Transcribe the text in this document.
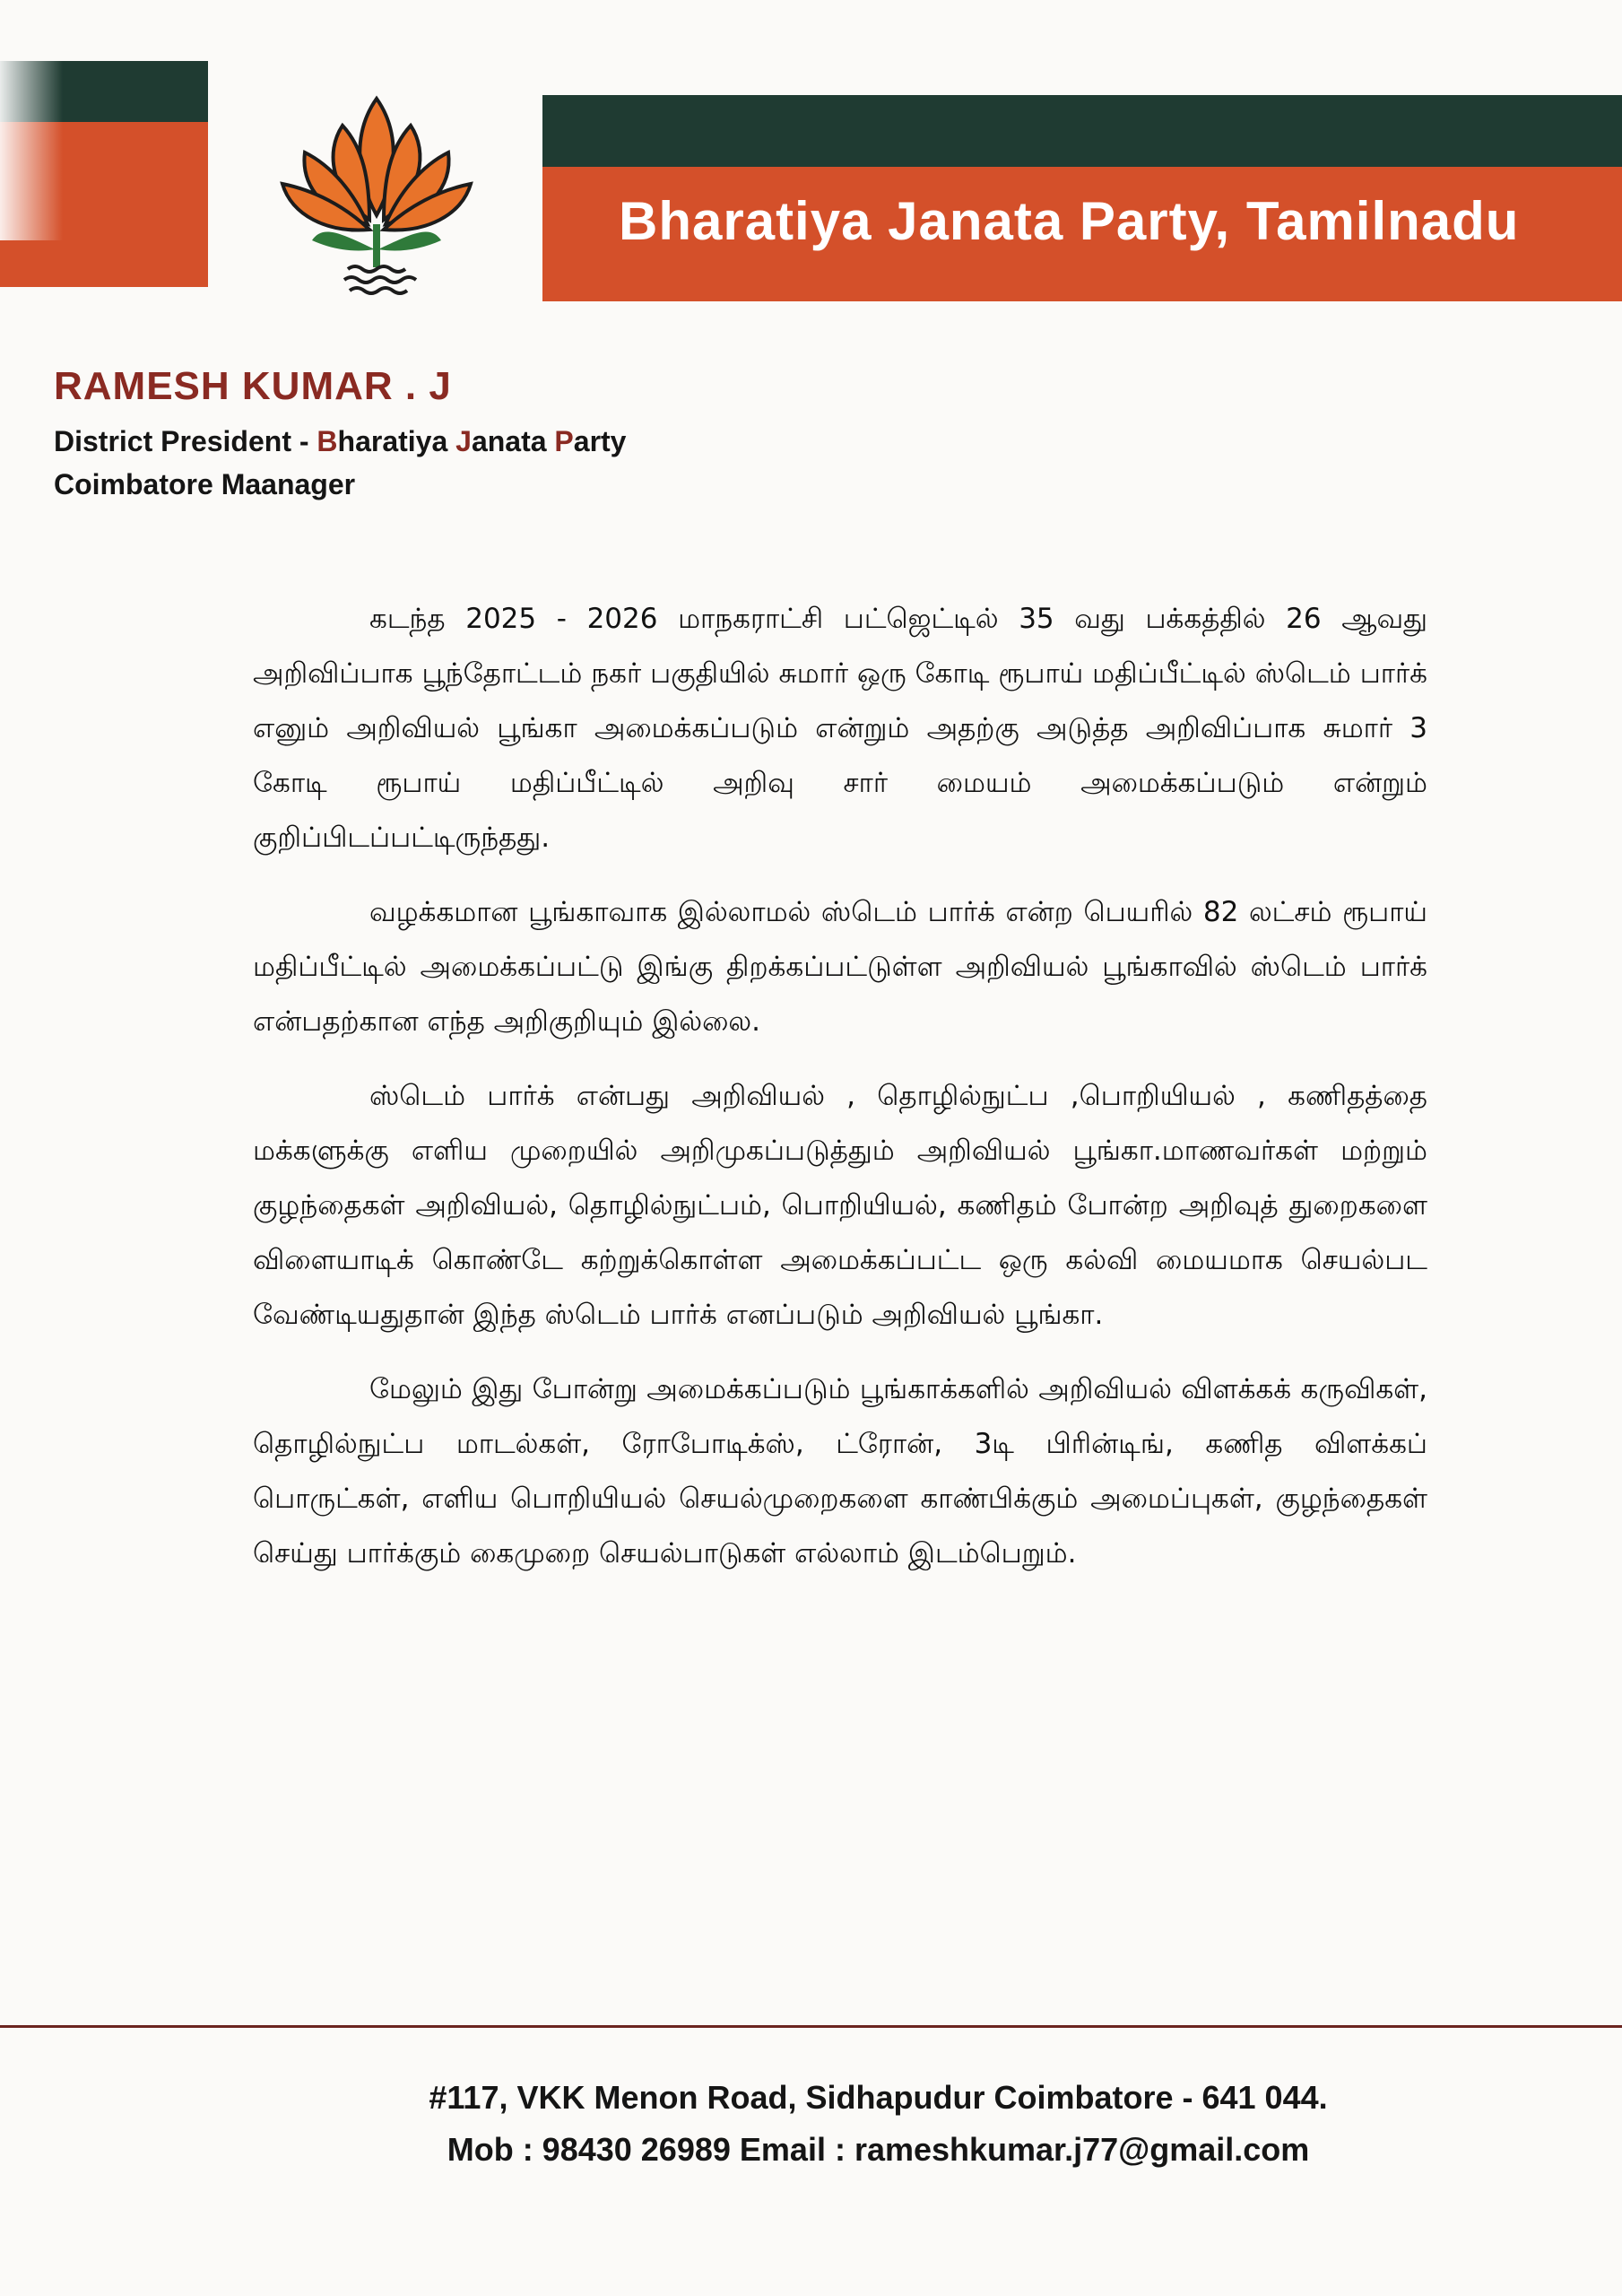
Bharatiya Janata Party, Tamilnadu
RAMESH KUMAR . J
District President - Bharatiya Janata Party
Coimbatore Maanager

கடந்த 2025 - 2026 மாநகராட்சி பட்ஜெட்டில் 35 வது பக்கத்தில் 26 ஆவது அறிவிப்பாக பூந்தோட்டம் நகர் பகுதியில் சுமார் ஒரு கோடி ரூபாய் மதிப்பீட்டில் ஸ்டெம் பார்க் எனும் அறிவியல் பூங்கா அமைக்கப்படும் என்றும் அதற்கு அடுத்த அறிவிப்பாக சுமார் 3 கோடி ரூபாய் மதிப்பீட்டில் அறிவு சார் மையம் அமைக்கப்படும் என்றும் குறிப்பிடப்பட்டிருந்தது.

வழக்கமான பூங்காவாக இல்லாமல் ஸ்டெம் பார்க் என்ற பெயரில் 82 லட்சம் ரூபாய் மதிப்பீட்டில் அமைக்கப்பட்டு இங்கு திறக்கப்பட்டுள்ள அறிவியல் பூங்காவில் ஸ்டெம் பார்க் என்பதற்கான எந்த அறிகுறியும் இல்லை.

ஸ்டெம் பார்க் என்பது அறிவியல் , தொழில்நுட்ப ,பொறியியல் , கணிதத்தை மக்களுக்கு எளிய முறையில் அறிமுகப்படுத்தும் அறிவியல் பூங்கா.மாணவர்கள் மற்றும் குழந்தைகள் அறிவியல், தொழில்நுட்பம், பொறியியல், கணிதம் போன்ற அறிவுத் துறைகளை விளையாடிக் கொண்டே கற்றுக்கொள்ள அமைக்கப்பட்ட ஒரு கல்வி மையமாக செயல்பட வேண்டியதுதான் இந்த ஸ்டெம் பார்க் எனப்படும் அறிவியல் பூங்கா.

மேலும் இது போன்று அமைக்கப்படும் பூங்காக்களில் அறிவியல் விளக்கக் கருவிகள், தொழில்நுட்ப மாடல்கள், ரோபோடிக்ஸ், ட்ரோன், 3டி பிரின்டிங், கணித விளக்கப் பொருட்கள், எளிய பொறியியல் செயல்முறைகளை காண்பிக்கும் அமைப்புகள், குழந்தைகள் செய்து பார்க்கும் கைமுறை செயல்பாடுகள் எல்லாம் இடம்பெறும்.

#117, VKK Menon Road, Sidhapudur Coimbatore - 641 044.
Mob : 98430 26989 Email : rameshkumar.j77@gmail.com
